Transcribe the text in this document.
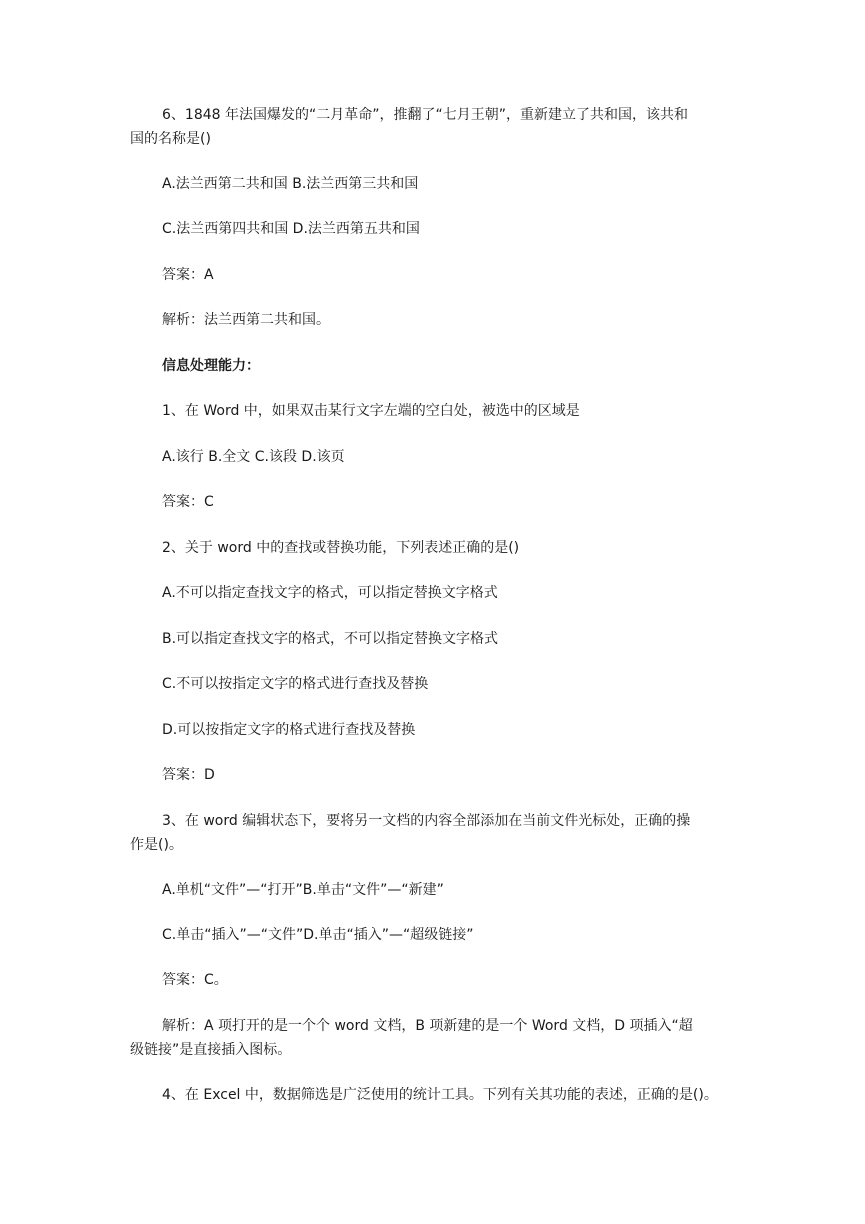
6、1848 年法国爆发的“二月革命”，推翻了“七月王朝”，重新建立了共和国，该共和
国的名称是()
A.法兰西第二共和国 B.法兰西第三共和国
C.法兰西第四共和国 D.法兰西第五共和国
答案：A
解析：法兰西第二共和国。
信息处理能力：
1、在 Word 中，如果双击某行文字左端的空白处，被选中的区域是
A.该行 B.全文 C.该段 D.该页
答案：C
2、关于 word 中的查找或替换功能，下列表述正确的是()
A.不可以指定查找文字的格式，可以指定替换文字格式
B.可以指定查找文字的格式，不可以指定替换文字格式
C.不可以按指定文字的格式进行查找及替换
D.可以按指定文字的格式进行查找及替换
答案：D
3、在 word 编辑状态下，要将另一文档的内容全部添加在当前文件光标处，正确的操
作是()。
A.单机“文件”—“打开”B.单击“文件”—“新建”
C.单击“插入”—“文件”D.单击“插入”—“超级链接”
答案：C。
解析：A 项打开的是一个个 word 文档，B 项新建的是一个 Word 文档，D 项插入“超
级链接”是直接插入图标。
4、在 Excel 中，数据筛选是广泛使用的统计工具。下列有关其功能的表述，正确的是()。
